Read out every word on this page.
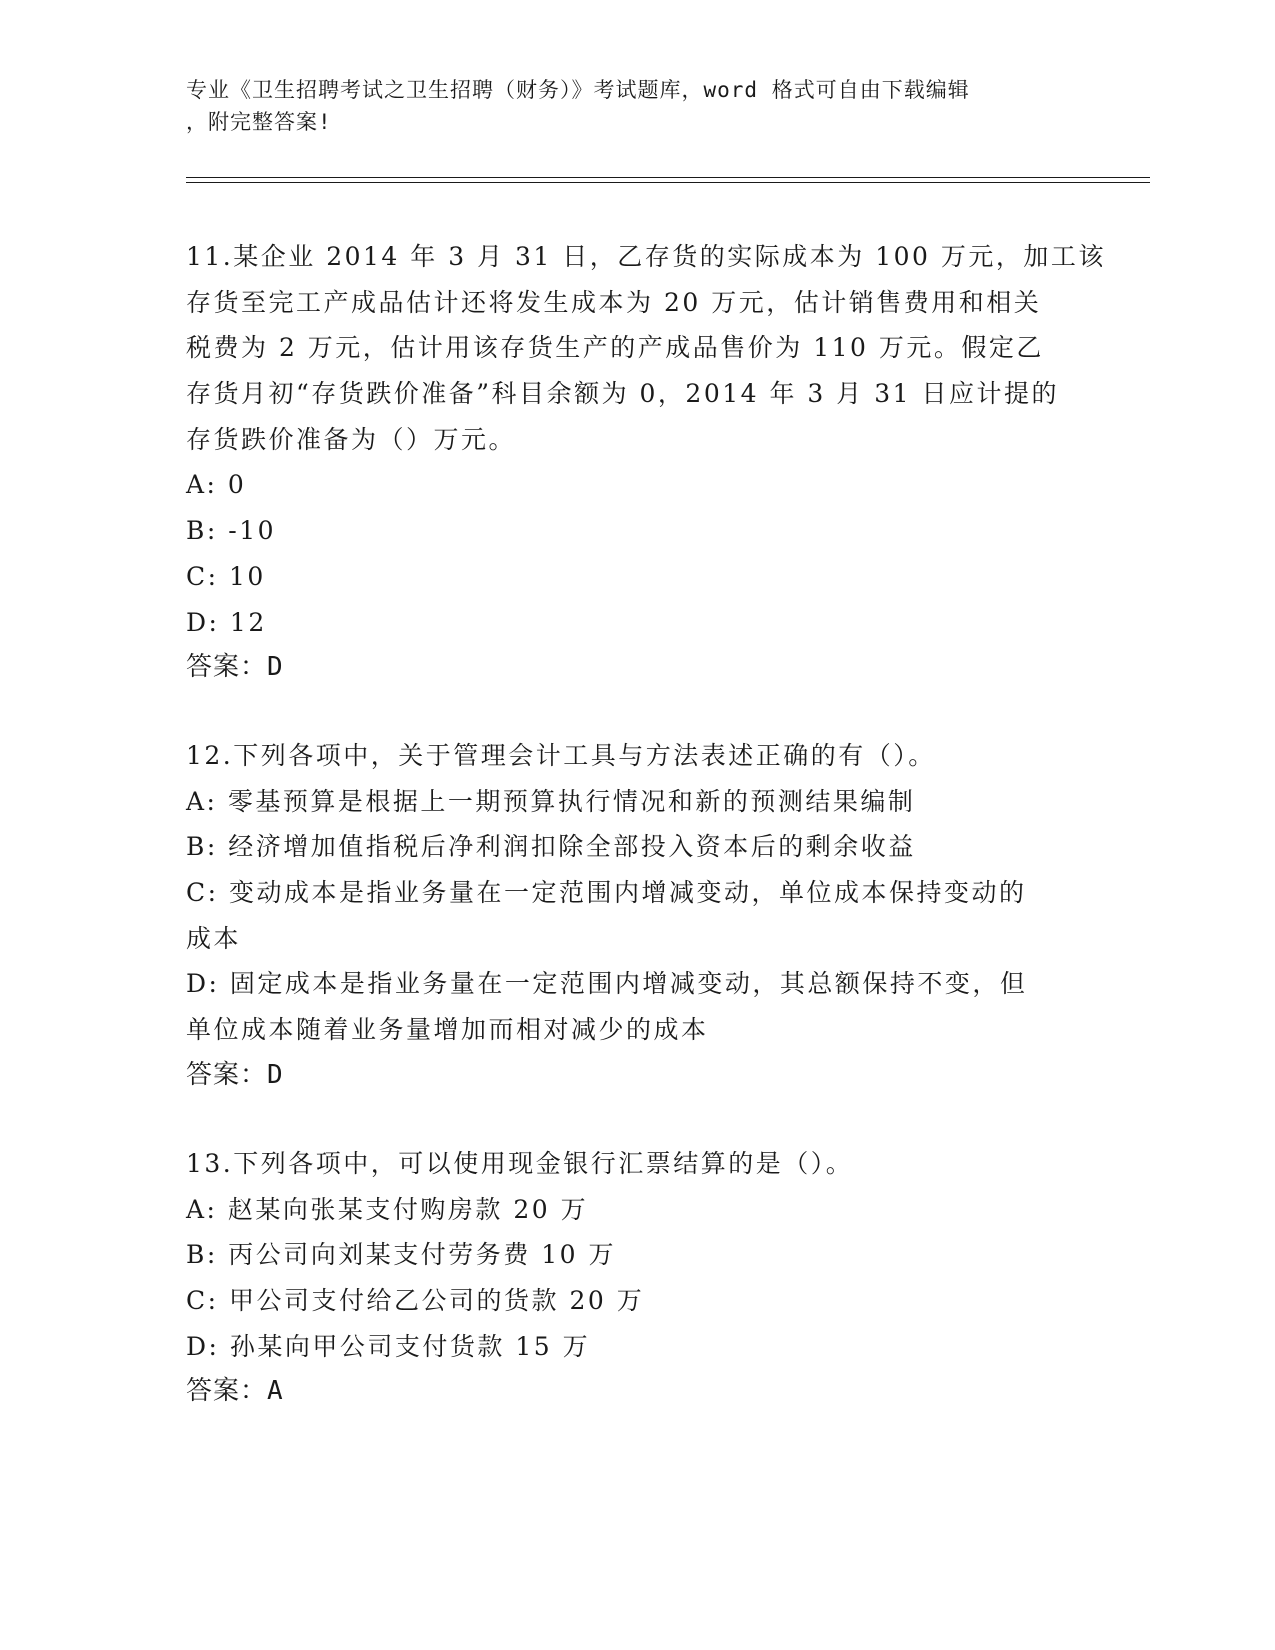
专业《卫生招聘考试之卫生招聘（财务）》考试题库，word 格式可自由下载编辑
，附完整答案!
11.某企业 2014 年 3 月 31 日，乙存货的实际成本为 100 万元，加工该
存货至完工产成品估计还将发生成本为 20 万元，估计销售费用和相关
税费为 2 万元，估计用该存货生产的产成品售价为 110 万元。假定乙
存货月初“存货跌价准备”科目余额为 0，2014 年 3 月 31 日应计提的
存货跌价准备为（）万元。
A: 0
B: -10
C: 10
D: 12
答案：D
12.下列各项中，关于管理会计工具与方法表述正确的有（）。
A: 零基预算是根据上一期预算执行情况和新的预测结果编制
B: 经济增加值指税后净利润扣除全部投入资本后的剩余收益
C: 变动成本是指业务量在一定范围内增减变动，单位成本保持变动的
成本
D: 固定成本是指业务量在一定范围内增减变动，其总额保持不变，但
单位成本随着业务量增加而相对减少的成本
答案：D
13.下列各项中，可以使用现金银行汇票结算的是（）。
A: 赵某向张某支付购房款 20 万
B: 丙公司向刘某支付劳务费 10 万
C: 甲公司支付给乙公司的货款 20 万
D: 孙某向甲公司支付货款 15 万
答案：A
